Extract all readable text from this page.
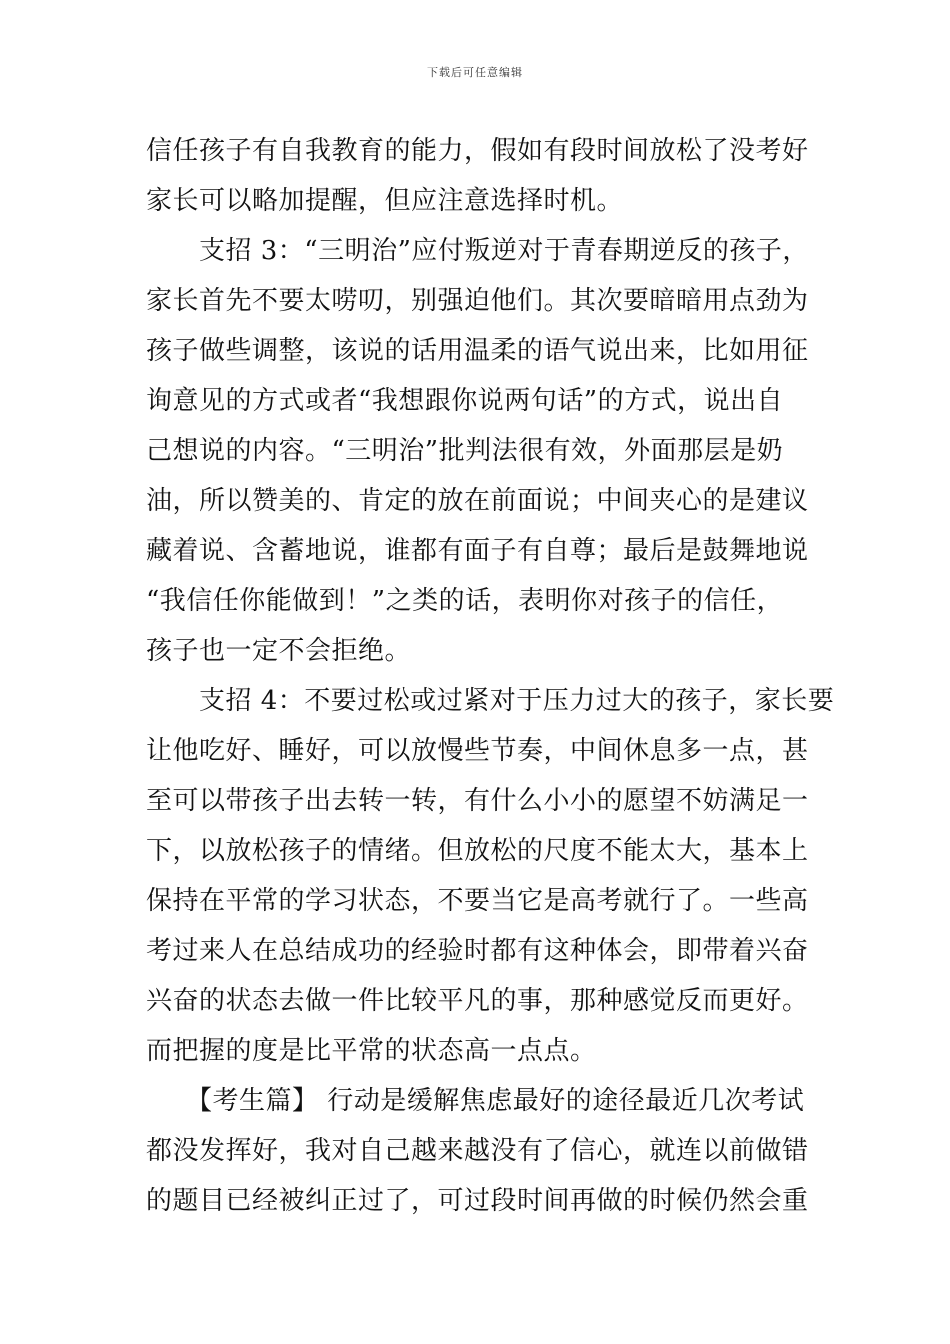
下载后可任意编辑
信任孩子有自我教育的能力，假如有段时间放松了没考好
家长可以略加提醒，但应注意选择时机。
　　支招 3：“三明治”应付叛逆对于青春期逆反的孩子，
家长首先不要太唠叨，别强迫他们。其次要暗暗用点劲为
孩子做些调整，该说的话用温柔的语气说出来，比如用征
询意见的方式或者“我想跟你说两句话”的方式，说出自
己想说的内容。“三明治”批判法很有效，外面那层是奶
油，所以赞美的、肯定的放在前面说；中间夹心的是建议
藏着说、含蓄地说，谁都有面子有自尊；最后是鼓舞地说
“我信任你能做到！”之类的话，表明你对孩子的信任，
孩子也一定不会拒绝。
　　支招 4：不要过松或过紧对于压力过大的孩子，家长要
让他吃好、睡好，可以放慢些节奏，中间休息多一点，甚
至可以带孩子出去转一转，有什么小小的愿望不妨满足一
下，以放松孩子的情绪。但放松的尺度不能太大，基本上
保持在平常的学习状态，不要当它是高考就行了。一些高
考过来人在总结成功的经验时都有这种体会，即带着兴奋
兴奋的状态去做一件比较平凡的事，那种感觉反而更好。
而把握的度是比平常的状态高一点点。
　　【考生篇】 行动是缓解焦虑最好的途径最近几次考试
都没发挥好，我对自己越来越没有了信心，就连以前做错
的题目已经被纠正过了，可过段时间再做的时候仍然会重
